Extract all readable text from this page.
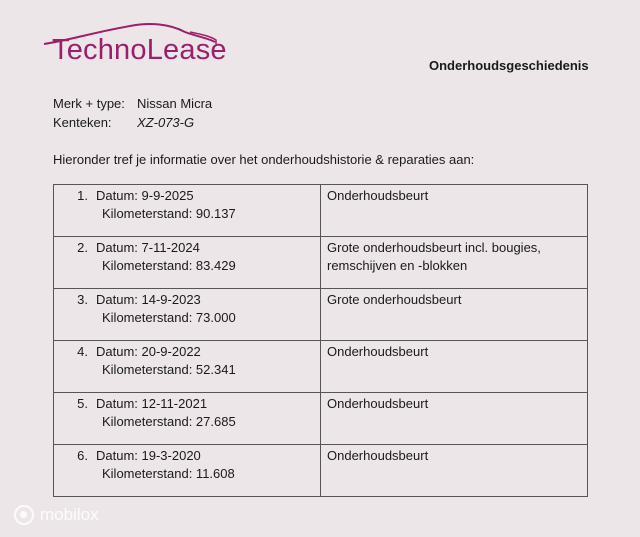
TechnoLease	Onderhoudsgeschiedenis
Merk + type: Nissan Micra
Kenteken:	XZ-073-G
Hieronder tref je informatie over het onderhoudshistorie & reparaties aan:
1. Datum: 9-9-2025
Kilometerstand: 90.137	Onderhoudsbeurt
2. Datum: 7-11-2024
Kilometerstand: 83.429	Grote onderhoudsbeurt incl. bougies, remschijven en -blokken
3. Datum: 14-9-2023
Kilometerstand: 73.000	Grote onderhoudsbeurt
4. Datum: 20-9-2022
Kilometerstand: 52.341	Onderhoudsbeurt
5. Datum: 12-11-2021
Kilometerstand: 27.685	Onderhoudsbeurt
6. Datum: 19-3-2020
Kilometerstand: 11.608	Onderhoudsbeurt
mobilox
